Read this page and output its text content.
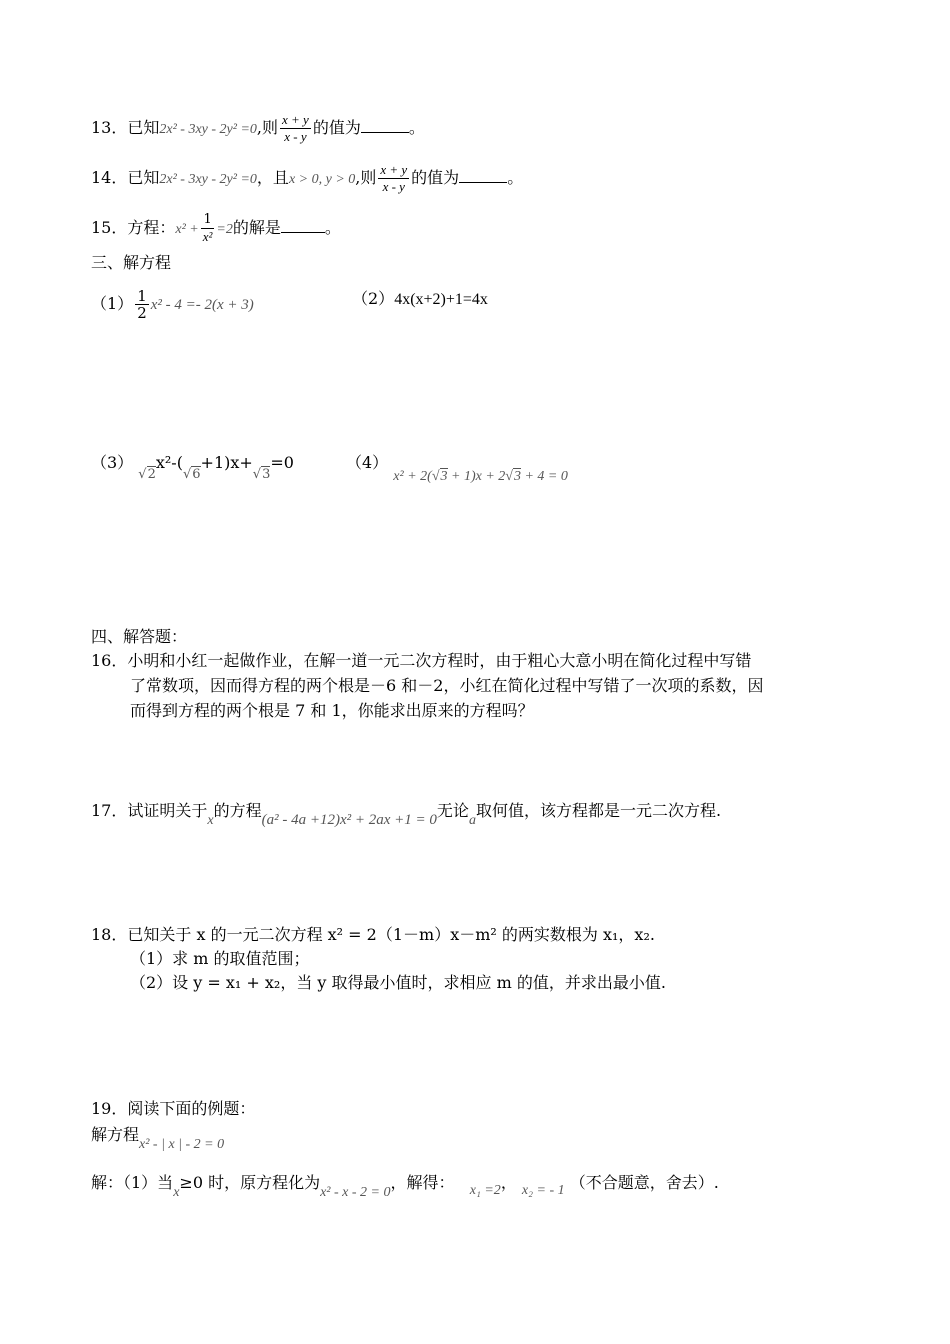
13．已知2x² - 3xy - 2y² =0,则 $\frac{x + y}{x - y}$ 的值为	。
14．已知2x² - 3xy - 2y² =0，且x > 0, y > 0,则 $\frac{x + y}{x - y}$ 的值为	。
15．方程：$x^2 + \frac{1}{\text{x²}} =2$的解是	。
三、解方程
$(1) \frac{1}{2} x^2 - 4 =- 2(x + 3)$	（2）4x(x+2)+1=4x
（3） $_{√2}x^2-(_{√6}+1)x+_{√3}=0$	（4） x² + 2(√3 + 1)x + 2√3 + 4 = 0
四、解答题：
16．小明和小红一起做作业，在解一道一元二次方程时，由于粗心大意小明在简化过程中写错
了常数项，因而得方程的两个根是－6 和－2，小红在简化过程中写错了一次项的系数，因
而得到方程的两个根是 7 和 1，你能求出原来的方程吗？
17．试证明关于x的方程(a² - 4a +12)x² + 2ax +1 = 0无论a取何值，该方程都是一元二次方程.
18．已知关于 x 的一元二次方程 x² = 2（1－m）x－m² 的两实数根为 x₁，x₂.
（1）求 m 的取值范围；
（2）设 y = x₁ + x₂，当 y 取得最小值时，求相应 m 的值，并求出最小值.
19．阅读下面的例题：
解方程x² - | x | - 2 = 0
解：（1）当x≥0 时，原方程化为x² - x - 2 = 0，解得： x₁ =2， x₂ = - 1 （不合题意，舍去）.
